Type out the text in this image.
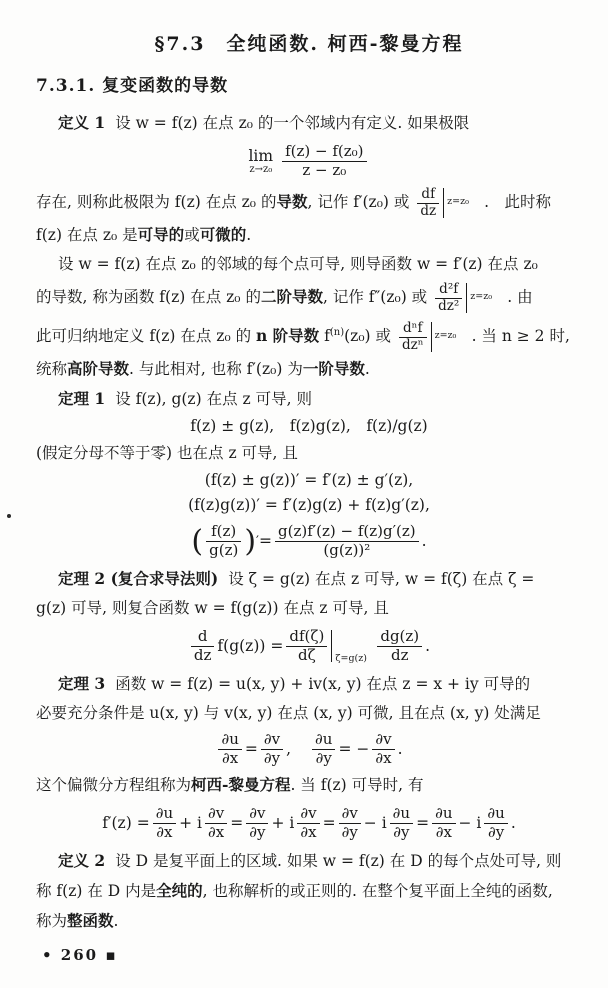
§7.3　全纯函数. 柯西-黎曼方程
7.3.1. 复变函数的导数
定义 1 设 w = f(z) 在点 z₀ 的一个邻域内有定义. 如果极限
lim
$z\to z_0 \frac{\text{f(z) − f(z₀)}}{\text{z − z₀}}$
存在, 则称此极限为 f(z) 在点 z₀ 的导数, 记作 f′(z₀) 或 $\frac{df}{dz} z=z_0$ .　此时称
f(z) 在点 z₀ 是可导的或可微的.
设 w = f(z) 在点 z₀ 的邻域的每个点可导, 则导函数 w = f′(z) 在点 z₀
的导数, 称为函数 f(z) 在点 z₀ 的二阶导数, 记作 f″(z₀) 或 $\frac{\text{d²f}}{\text{dz²}} z=z_0$ . 由
此可归纳地定义 f(z) 在点 z₀ 的 n 阶导数 $f^{(n)}(z_0)$ 或 dⁿf
dzⁿ
z=z₀ . 当 n ≥ 2 时,
统称高阶导数. 与此相对, 也称 f′(z₀) 为一阶导数.
定理 1 设 f(z), g(z) 在点 z 可导, 则
f(z) ± g(z),　f(z)g(z),　f(z)/g(z)
(假定分母不等于零) 也在点 z 可导, 且
(f(z) ± g(z))′ = f′(z) ± g′(z),
(f(z)g(z))′ = f′(z)g(z) + f(z)g′(z),
( $\frac{f(z)}{g(z)}$ ) ′ = $\frac{g(z)f'(z) - f(z)g'(z)}{\text{(g(z))²}}$ .
定理 2 (复合求导法则) 设 ζ = g(z) 在点 z 可导, w = f(ζ) 在点 ζ =
g(z) 可导, 则复合函数 w = f(g(z)) 在点 z 可导, 且
$\frac{d}{dz} f(g(z)) = \frac{df(\zeta)}{d\zeta} \zeta=g(z) \frac{dg(z)}{dz}$ .
定理 3 函数 w = f(z) = u(x, y) + iv(x, y) 在点 z = x + iy 可导的
必要充分条件是 u(x, y) 与 v(x, y) 在点 (x, y) 可微, 且在点 (x, y) 处满足
$\frac{\partial u}{\partial x} = \frac{\partial v}{\partial y}$ , $\frac{\partial u}{\partial y}$ = − $\frac{\partial v}{\partial x}$ .
这个偏微分方程组称为柯西-黎曼方程. 当 f(z) 可导时, 有
$f'(z) = \frac{\partial u}{\partial x} + i \frac{\partial v}{\partial x} = \frac{\partial v}{\partial y} + i \frac{\partial v}{\partial x} = \frac{\partial v}{\partial y} - i \frac{\partial u}{\partial y} = \frac{\partial u}{\partial x} - i \frac{\partial u}{\partial y}$ .
定义 2 设 D 是复平面上的区域. 如果 w = f(z) 在 D 的每个点处可导, 则
称 f(z) 在 D 内是全纯的, 也称解析的或正则的. 在整个复平面上全纯的函数,
称为整函数.
• 260 ▪
